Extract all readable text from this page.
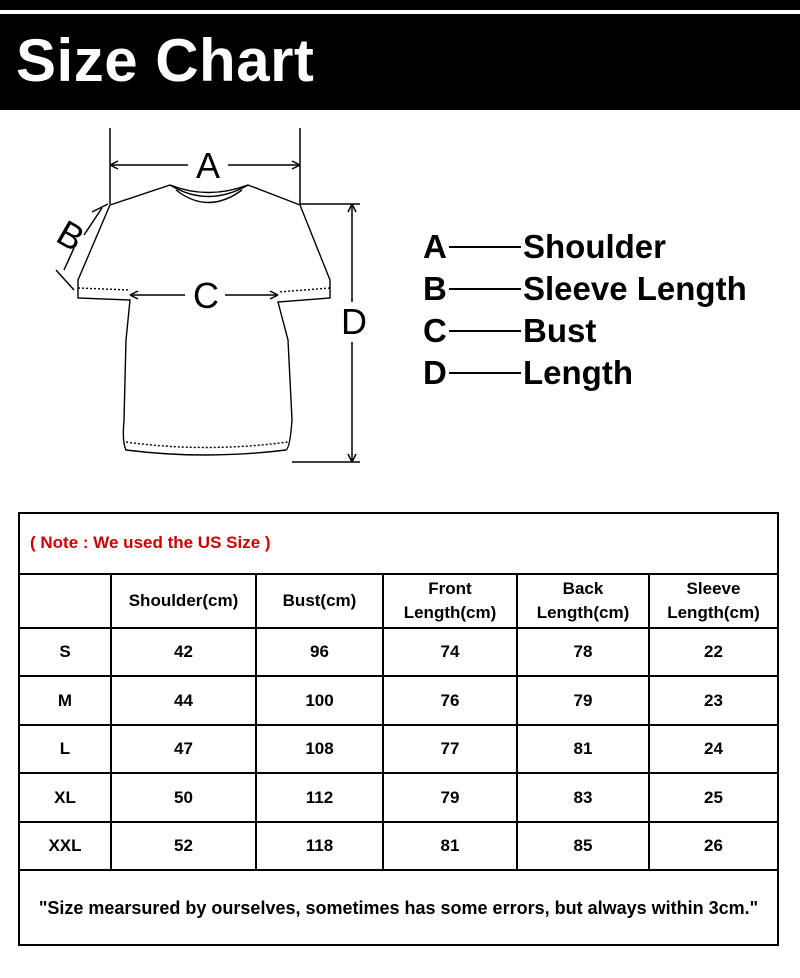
Size Chart
A
B
C
D
A Shoulder
B Sleeve Length
C Bust
D Length
( Note : We used the US Size )					
	Shoulder(cm)	Bust(cm)	Front Length(cm)	Back Length(cm)	Sleeve Length(cm)
S	42	96	74	78	22
M	44	100	76	79	23
L	47	108	77	81	24
XL	50	112	79	83	25
XXL	52	118	81	85	26
"Size mearsured by ourselves, sometimes has some errors, but always within 3cm."					
